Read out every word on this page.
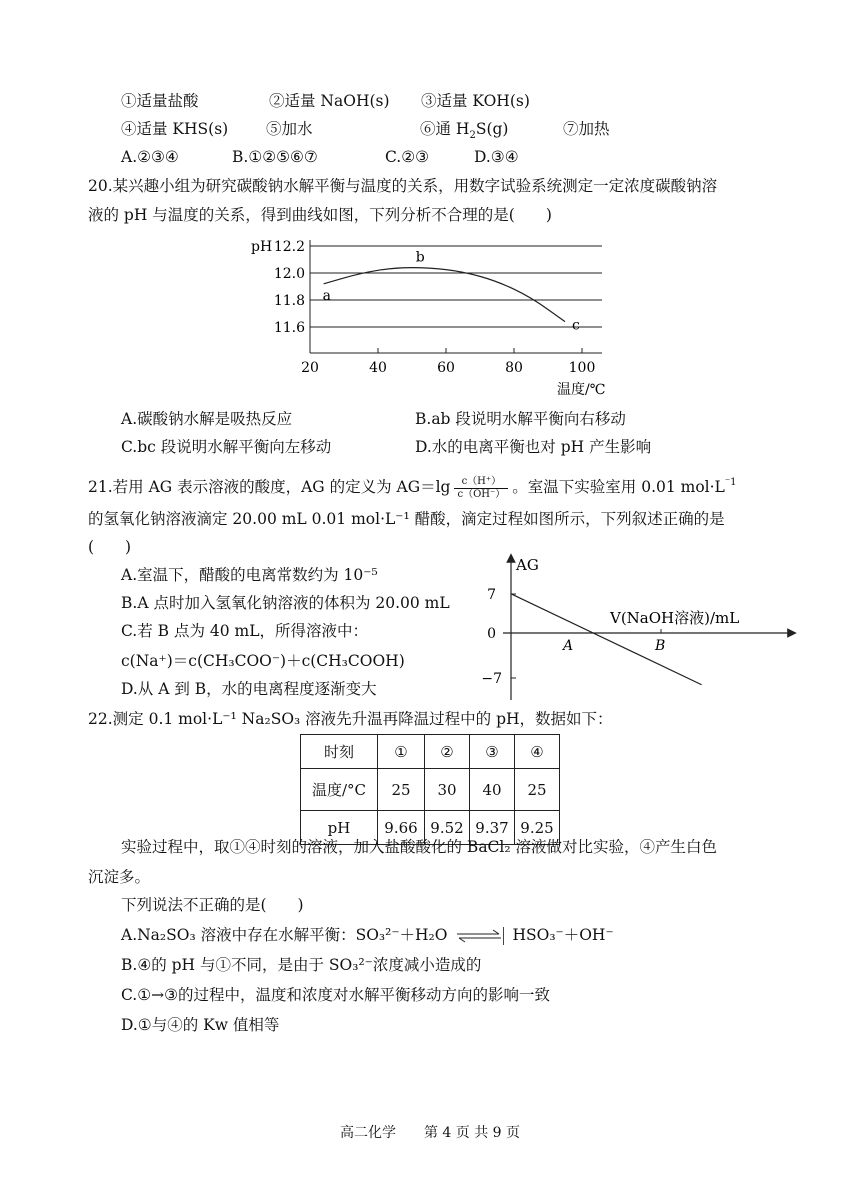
①适量盐酸	②适量 NaOH(s) ③适量 KOH(s)
④适量 KHS(s) ⑤加水	⑥通 $H_2S(g)$	⑦加热
A.②③④	B.①②⑤⑥⑦	C.②③	D.③④
20.某兴趣小组为研究碳酸钠水解平衡与温度的关系，用数字试验系统测定一定浓度碳酸钠溶
液的 pH 与温度的关系，得到曲线如图，下列分析不合理的是(　　)
12.2
12.0
11.8
11.6
pH
20	40	60	80	100
温度/℃
a
b
c
A.碳酸钠水解是吸热反应	B.ab 段说明水解平衡向右移动
C.bc 段说明水解平衡向左移动	D.水的电离平衡也对 pH 产生影响
21.若用 AG 表示溶液的酸度，AG 的定义为 $AG=\lg \frac{c(H^+)}{c(OH^-)}$ 。室温下实验室用 0.01 $mol\cdot L^{^-1}$
的氢氧化钠溶液滴定 20.00 mL 0.01 mol·L⁻¹ 醋酸，滴定过程如图所示，下列叙述正确的是
(　　)
A.室温下，醋酸的电离常数约为 10⁻⁵
B.A 点时加入氢氧化钠溶液的体积为 20.00 mL
C.若 B 点为 40 mL，所得溶液中：
c(Na⁺)＝c(CH₃COO⁻)＋c(CH₃COOH)
D.从 A 到 B，水的电离程度逐渐变大
AG
7
0
−7
V(NaOH溶液)/mL
A	B
22.测定 0.1 mol·L⁻¹ Na₂SO₃ 溶液先升温再降温过程中的 pH，数据如下：
时刻	①	②	③	④
温度/°C	25	30	40	25
pH	9.66	9.52	9.37	9.25
实验过程中，取①④时刻的溶液，加入盐酸酸化的 BaCl₂ 溶液做对比实验，④产生白色
沉淀多。
下列说法不正确的是(　　)
A.Na₂SO₃ 溶液中存在水解平衡：SO₃²⁻＋H₂O ⇌ HSO₃⁻＋OH⁻
B.④的 pH 与①不同，是由于 SO₃²⁻浓度减小造成的
C.①→③的过程中，温度和浓度对水解平衡移动方向的影响一致
D.①与④的 Kw 值相等
高二化学　　第 4 页 共 9 页
